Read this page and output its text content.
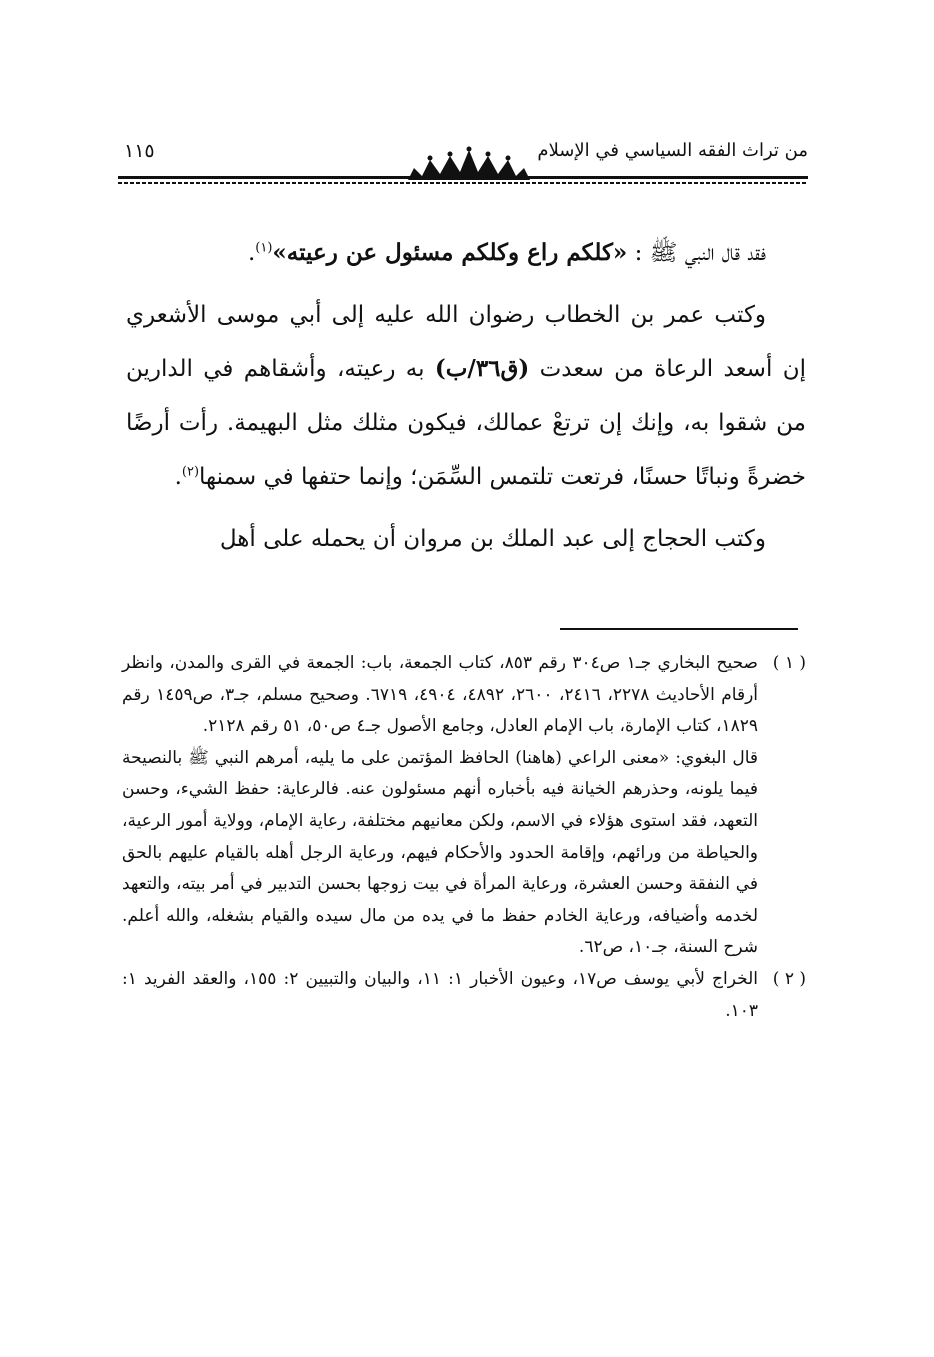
من تراث الفقه السياسي في الإسلام
١١٥

فقد قال النبي ﷺ : «كلكم راع وكلكم مسئول عن رعيته»$^{(١)}$.

وكتب عمر بن الخطاب رضوان الله عليه إلى أبي موسى الأشعري إن أسعد الرعاة من سعدت (ق٣٦/ب) به رعيته، وأشقاهم في الدارين من شقوا به، وإنك إن ترتعْ عمالك، فيكون مثلك مثل البهيمة. رأت أرضًا خضرةً ونباتًا حسنًا، فرتعت تلتمس السِّمَن؛ وإنما حتفها في سمنها$^{(٢)}$.

وكتب الحجاج إلى عبد الملك بن مروان أن يحمله على أهل

( ١ )
صحيح البخاري جـ١ ص٣٠٤ رقم ٨٥٣، كتاب الجمعة، باب: الجمعة في القرى والمدن، وانظر أرقام الأحاديث ٢٢٧٨، ٢٤١٦، ٢٦٠٠، ٤٨٩٢، ٤٩٠٤، ٦٧١٩. وصحيح مسلم، جـ٣، ص١٤٥٩ رقم ١٨٢٩، كتاب الإمارة، باب الإمام العادل، وجامع الأصول جـ٤ ص٥٠، ٥١ رقم ٢١٢٨.
قال البغوي: «معنى الراعي (هاهنا) الحافظ المؤتمن على ما يليه، أمرهم النبي ﷺ بالنصيحة فيما يلونه، وحذرهم الخيانة فيه بأخباره أنهم مسئولون عنه. فالرعاية: حفظ الشيء، وحسن التعهد، فقد استوى هؤلاء في الاسم، ولكن معانيهم مختلفة، رعاية الإمام، وولاية أمور الرعية، والحياطة من ورائهم، وإقامة الحدود والأحكام فيهم، ورعاية الرجل أهله بالقيام عليهم بالحق في النفقة وحسن العشرة، ورعاية المرأة في بيت زوجها بحسن التدبير في أمر بيته، والتعهد لخدمه وأضيافه، ورعاية الخادم حفظ ما في يده من مال سيده والقيام بشغله، والله أعلم. شرح السنة، جـ١٠، ص٦٢.
( ٢ )
الخراج لأبي يوسف ص١٧، وعيون الأخبار ١: ١١، والبيان والتبيين ٢: ١٥٥، والعقد الفريد ١: ١٠٣.
